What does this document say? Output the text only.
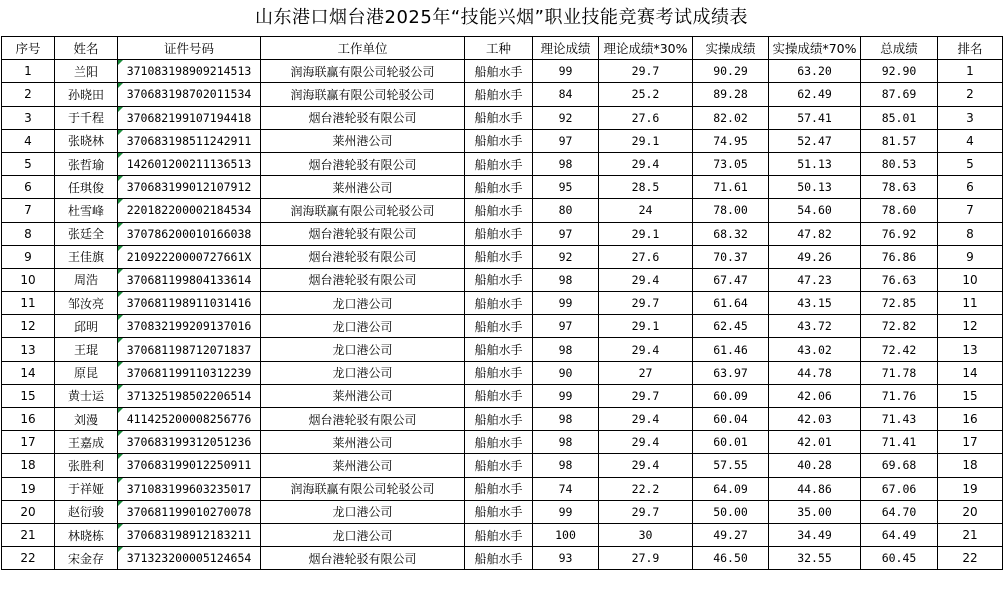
山东港口烟台港2025年“技能兴烟”职业技能竞赛考试成绩表
序号	姓名	证件号码	工作单位	工种	理论成绩	理论成绩*30%	实操成绩	实操成绩*70%	总成绩	排名
1	兰阳	371083198909214513	润海联赢有限公司轮驳公司	船舶水手	99	29.7	90.29	63.20	92.90	1
2	孙晓田	370683198702011534	润海联赢有限公司轮驳公司	船舶水手	84	25.2	89.28	62.49	87.69	2
3	于千程	370682199107194418	烟台港轮驳有限公司	船舶水手	92	27.6	82.02	57.41	85.01	3
4	张晓林	370683198511242911	莱州港公司	船舶水手	97	29.1	74.95	52.47	81.57	4
5	张哲瑜	142601200211136513	烟台港轮驳有限公司	船舶水手	98	29.4	73.05	51.13	80.53	5
6	任琪俊	370683199012107912	莱州港公司	船舶水手	95	28.5	71.61	50.13	78.63	6
7	杜雪峰	220182200002184534	润海联赢有限公司轮驳公司	船舶水手	80	24	78.00	54.60	78.60	7
8	张廷全	370786200010166038	烟台港轮驳有限公司	船舶水手	97	29.1	68.32	47.82	76.92	8
9	王佳旗	21092220000727661X	烟台港轮驳有限公司	船舶水手	92	27.6	70.37	49.26	76.86	9
10	周浩	370681199804133614	烟台港轮驳有限公司	船舶水手	98	29.4	67.47	47.23	76.63	10
11	邹汝亮	370681198911031416	龙口港公司	船舶水手	99	29.7	61.64	43.15	72.85	11
12	邱明	370832199209137016	龙口港公司	船舶水手	97	29.1	62.45	43.72	72.82	12
13	王琨	370681198712071837	龙口港公司	船舶水手	98	29.4	61.46	43.02	72.42	13
14	原昆	370681199110312239	龙口港公司	船舶水手	90	27	63.97	44.78	71.78	14
15	黄士运	371325198502206514	莱州港公司	船舶水手	99	29.7	60.09	42.06	71.76	15
16	刘漫	411425200008256776	烟台港轮驳有限公司	船舶水手	98	29.4	60.04	42.03	71.43	16
17	王嘉成	370683199312051236	莱州港公司	船舶水手	98	29.4	60.01	42.01	71.41	17
18	张胜利	370683199012250911	莱州港公司	船舶水手	98	29.4	57.55	40.28	69.68	18
19	于祥娅	371083199603235017	润海联赢有限公司轮驳公司	船舶水手	74	22.2	64.09	44.86	67.06	19
20	赵衍骏	370681199010270078	龙口港公司	船舶水手	99	29.7	50.00	35.00	64.70	20
21	林晓栋	370683198912183211	龙口港公司	船舶水手	100	30	49.27	34.49	64.49	21
22	宋金存	371323200005124654	烟台港轮驳有限公司	船舶水手	93	27.9	46.50	32.55	60.45	22
